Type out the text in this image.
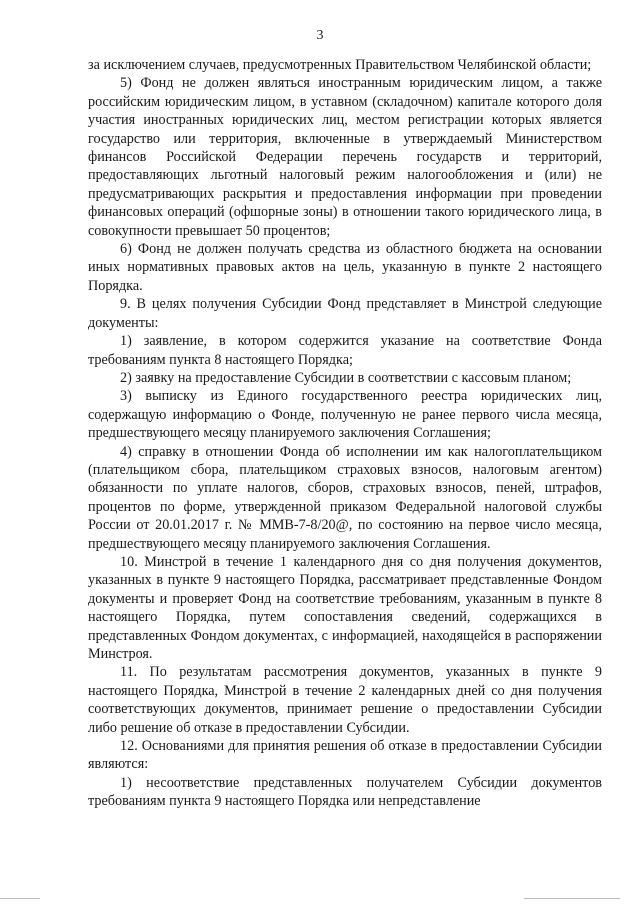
3

за исключением случаев, предусмотренных Правительством Челябинской области;

5) Фонд не должен являться иностранным юридическим лицом, а также российским юридическим лицом, в уставном (складочном) капитале которого доля участия иностранных юридических лиц, местом регистрации которых является государство или территория, включенные в утверждаемый Министерством финансов Российской Федерации перечень государств и территорий, предоставляющих льготный налоговый режим налогообложения и (или) не предусматривающих раскрытия и предоставления информации при проведении финансовых операций (офшорные зоны) в отношении такого юридического лица, в совокупности превышает 50 процентов;

6) Фонд не должен получать средства из областного бюджета на основании иных нормативных правовых актов на цель, указанную в пункте 2 настоящего Порядка.

9. В целях получения Субсидии Фонд представляет в Минстрой следующие документы:

1) заявление, в котором содержится указание на соответствие Фонда требованиям пункта 8 настоящего Порядка;

2) заявку на предоставление Субсидии в соответствии с кассовым планом;

3) выписку из Единого государственного реестра юридических лиц, содержащую информацию о Фонде, полученную не ранее первого числа месяца, предшествующего месяцу планируемого заключения Соглашения;

4) справку в отношении Фонда об исполнении им как налогоплательщиком (плательщиком сбора, плательщиком страховых взносов, налоговым агентом) обязанности по уплате налогов, сборов, страховых взносов, пеней, штрафов, процентов по форме, утвержденной приказом Федеральной налоговой службы России от 20.01.2017 г. № ММВ-7-8/20@, по состоянию на первое число месяца, предшествующего месяцу планируемого заключения Соглашения.

10. Минстрой в течение 1 календарного дня со дня получения документов, указанных в пункте 9 настоящего Порядка, рассматривает представленные Фондом документы и проверяет Фонд на соответствие требованиям, указанным в пункте 8 настоящего Порядка, путем сопоставления сведений, содержащихся в представленных Фондом документах, с информацией, находящейся в распоряжении Минстроя.

11. По результатам рассмотрения документов, указанных в пункте 9 настоящего Порядка, Минстрой в течение 2 календарных дней со дня получения соответствующих документов, принимает решение о предоставлении Субсидии либо решение об отказе в предоставлении Субсидии.

12. Основаниями для принятия решения об отказе в предоставлении Субсидии являются:

1) несоответствие представленных получателем Субсидии документов требованиям пункта 9 настоящего Порядка или непредставление
